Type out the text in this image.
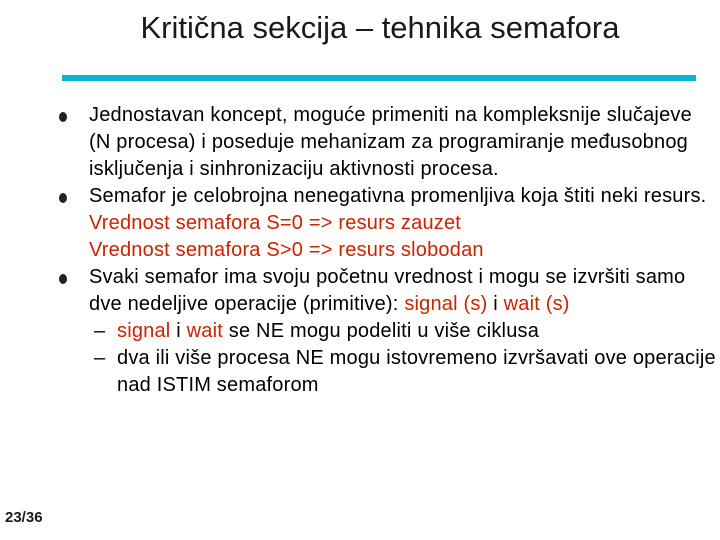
Kritična sekcija – tehnika semafora
Jednostavan koncept, moguće primeniti na kompleksnije slučajeve (N procesa) i poseduje mehanizam za programiranje međusobnog isključenja i sinhronizaciju aktivnosti procesa.
Semafor je celobrojna nenegativna promenljiva koja štiti neki resurs.
Vrednost semafora S=0 => resurs zauzet
Vrednost semafora S>0 => resurs slobodan
Svaki semafor ima svoju početnu vrednost i mogu se izvršiti samo dve nedeljive operacije (primitive): signal (s) i wait (s)
– signal i wait se NE mogu podeliti u više ciklusa
– dva ili više procesa NE mogu istovremeno izvršavati ove operacije nad ISTIM semaforom
23/36
